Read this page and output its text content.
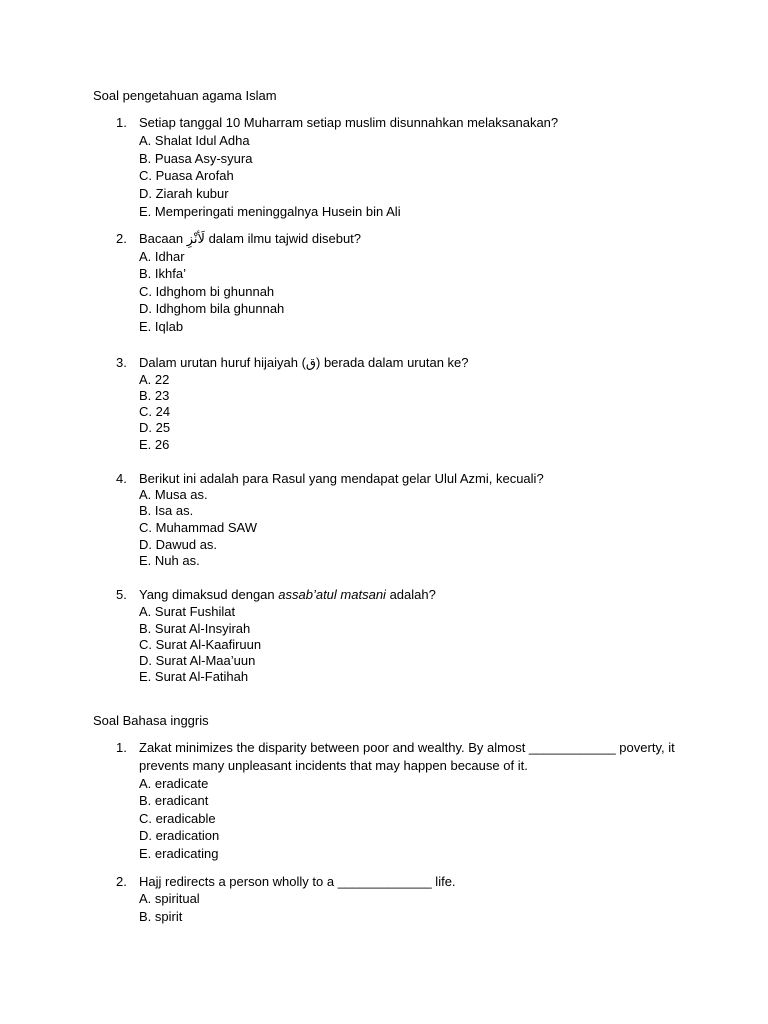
Soal pengetahuan agama Islam
1. Setiap tanggal 10 Muharram setiap muslim disunnahkan melaksanakan?
A. Shalat Idul Adha
B. Puasa Asy-syura
C. Puasa Arofah
D. Ziarah kubur
E. Memperingati meninggalnya Husein bin Ali
2. Bacaan لَأنْزِ dalam ilmu tajwid disebut?
A. Idhar
B. Ikhfa’
C. Idhghom bi ghunnah
D. Idhghom bila ghunnah
E. Iqlab
3. Dalam urutan huruf hijaiyah (ق) berada dalam urutan ke?
A. 22
B. 23
C. 24
D. 25
E. 26
4. Berikut ini adalah para Rasul yang mendapat gelar Ulul Azmi, kecuali?
A. Musa as.
B. Isa as.
C. Muhammad SAW
D. Dawud as.
E. Nuh as.
5. Yang dimaksud dengan assab’atul matsani adalah?
A. Surat Fushilat
B. Surat Al-Insyirah
C. Surat Al-Kaafiruun
D. Surat Al-Maa’uun
E. Surat Al-Fatihah
Soal Bahasa inggris
1. Zakat minimizes the disparity between poor and wealthy. By almost ____________ poverty, it
prevents many unpleasant incidents that may happen because of it.
A. eradicate
B. eradicant
C. eradicable
D. eradication
E. eradicating
2. Hajj redirects a person wholly to a _____________ life.
A. spiritual
B. spirit
